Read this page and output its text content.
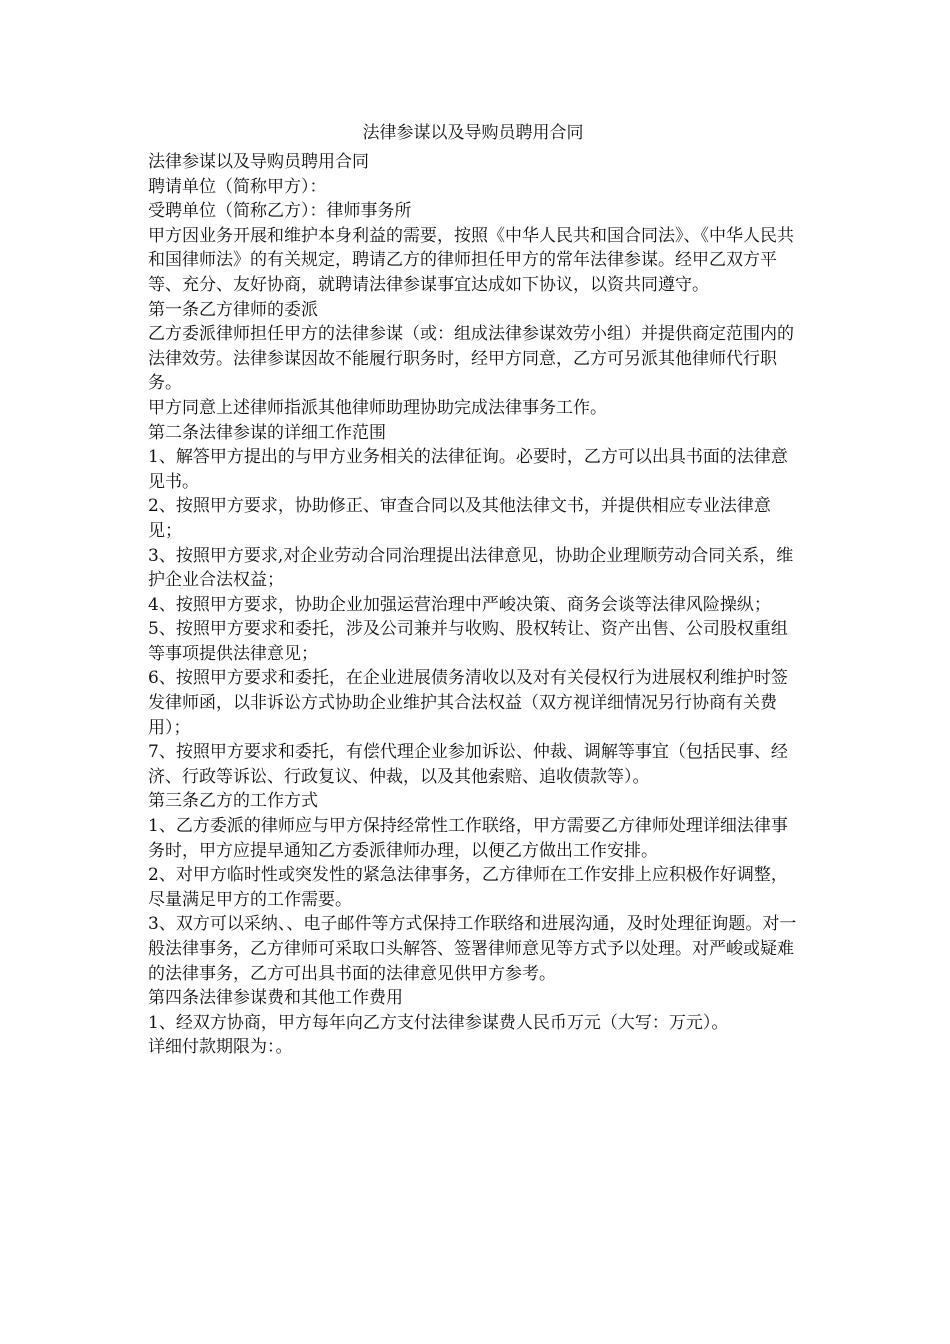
法律参谋以及导购员聘用合同

法律参谋以及导购员聘用合同

聘请单位（简称甲方）：

受聘单位（简称乙方）：律师事务所

甲方因业务开展和维护本身利益的需要，按照《中华人民共和国合同法》、《中华人民共和国律师法》的有关规定，聘请乙方的律师担任甲方的常年法律参谋。经甲乙双方平等、充分、友好协商，就聘请法律参谋事宜达成如下协议，以资共同遵守。

第一条乙方律师的委派

乙方委派律师担任甲方的法律参谋（或：组成法律参谋效劳小组）并提供商定范围内的法律效劳。法律参谋因故不能履行职务时，经甲方同意，乙方可另派其他律师代行职务。

甲方同意上述律师指派其他律师助理协助完成法律事务工作。

第二条法律参谋的详细工作范围

1、解答甲方提出的与甲方业务相关的法律征询。必要时，乙方可以出具书面的法律意见书。

2、按照甲方要求，协助修正、审查合同以及其他法律文书，并提供相应专业法律意见；

3、按照甲方要求,对企业劳动合同治理提出法律意见，协助企业理顺劳动合同关系，维护企业合法权益；

4、按照甲方要求，协助企业加强运营治理中严峻决策、商务会谈等法律风险操纵；

5、按照甲方要求和委托，涉及公司兼并与收购、股权转让、资产出售、公司股权重组等事项提供法律意见；

6、按照甲方要求和委托，在企业进展债务清收以及对有关侵权行为进展权利维护时签发律师函，以非诉讼方式协助企业维护其合法权益（双方视详细情况另行协商有关费用）；

7、按照甲方要求和委托，有偿代理企业参加诉讼、仲裁、调解等事宜（包括民事、经济、行政等诉讼、行政复议、仲裁，以及其他索赔、追收债款等）。

第三条乙方的工作方式

1、乙方委派的律师应与甲方保持经常性工作联络，甲方需要乙方律师处理详细法律事务时，甲方应提早通知乙方委派律师办理，以便乙方做出工作安排。

2、对甲方临时性或突发性的紧急法律事务，乙方律师在工作安排上应积极作好调整，尽量满足甲方的工作需要。

3、双方可以采纳、、电子邮件等方式保持工作联络和进展沟通，及时处理征询题。对一般法律事务，乙方律师可采取口头解答、签署律师意见等方式予以处理。对严峻或疑难的法律事务，乙方可出具书面的法律意见供甲方参考。

第四条法律参谋费和其他工作费用

1、经双方协商，甲方每年向乙方支付法律参谋费人民币万元（大写：万元）。

详细付款期限为：。
